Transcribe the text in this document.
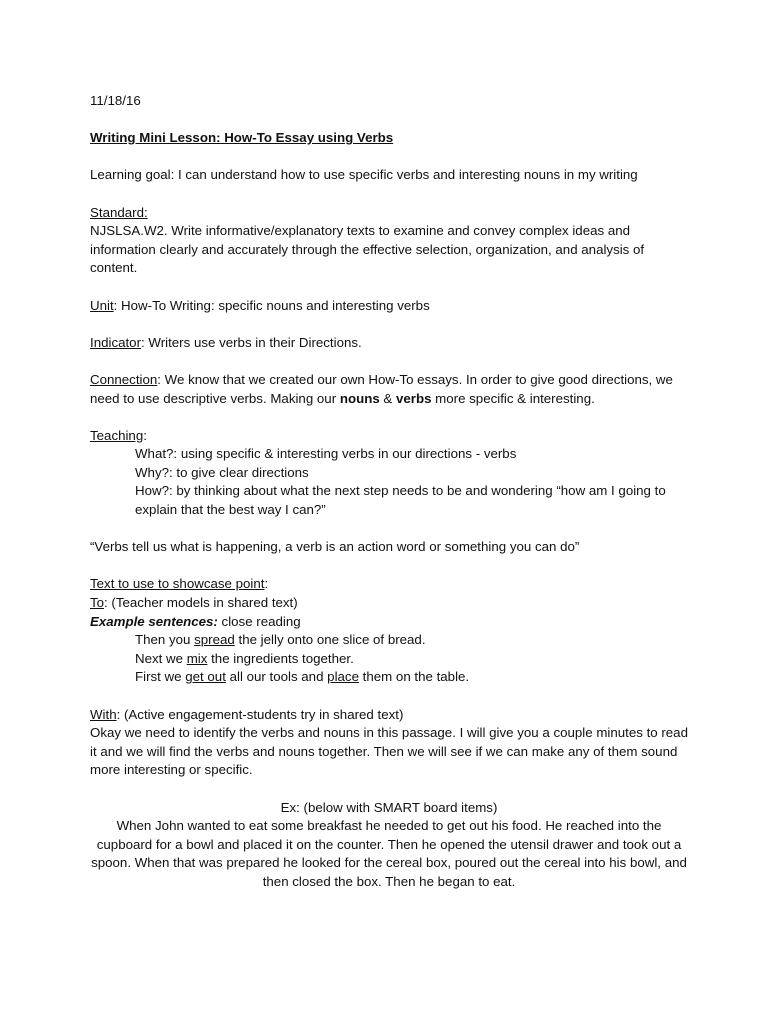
11/18/16

Writing Mini Lesson: How-To Essay using Verbs

Learning goal: I can understand how to use specific verbs and interesting nouns in my writing

Standard:

NJSLSA.W2. Write informative/explanatory texts to examine and convey complex ideas and information clearly and accurately through the effective selection, organization, and analysis of content.

Unit: How-To Writing: specific nouns and interesting verbs

Indicator: Writers use verbs in their Directions.

Connection: We know that we created our own How-To essays. In order to give good directions, we need to use descriptive verbs. Making our nouns & verbs more specific & interesting.

Teaching:

What?: using specific & interesting verbs in our directions - verbs

Why?: to give clear directions

How?: by thinking about what the next step needs to be and wondering “how am I going to explain that the best way I can?”

“Verbs tell us what is happening, a verb is an action word or something you can do”

Text to use to showcase point:

To: (Teacher models in shared text)

Example sentences: close reading

Then you spread the jelly onto one slice of bread.

Next we mix the ingredients together.

First we get out all our tools and place them on the table.

With: (Active engagement-students try in shared text)

Okay we need to identify the verbs and nouns in this passage. I will give you a couple minutes to read it and we will find the verbs and nouns together. Then we will see if we can make any of them sound more interesting or specific.

Ex: (below with SMART board items)

When John wanted to eat some breakfast he needed to get out his food. He reached into the cupboard for a bowl and placed it on the counter. Then he opened the utensil drawer and took out a spoon. When that was prepared he looked for the cereal box, poured out the cereal into his bowl, and then closed the box. Then he began to eat.
